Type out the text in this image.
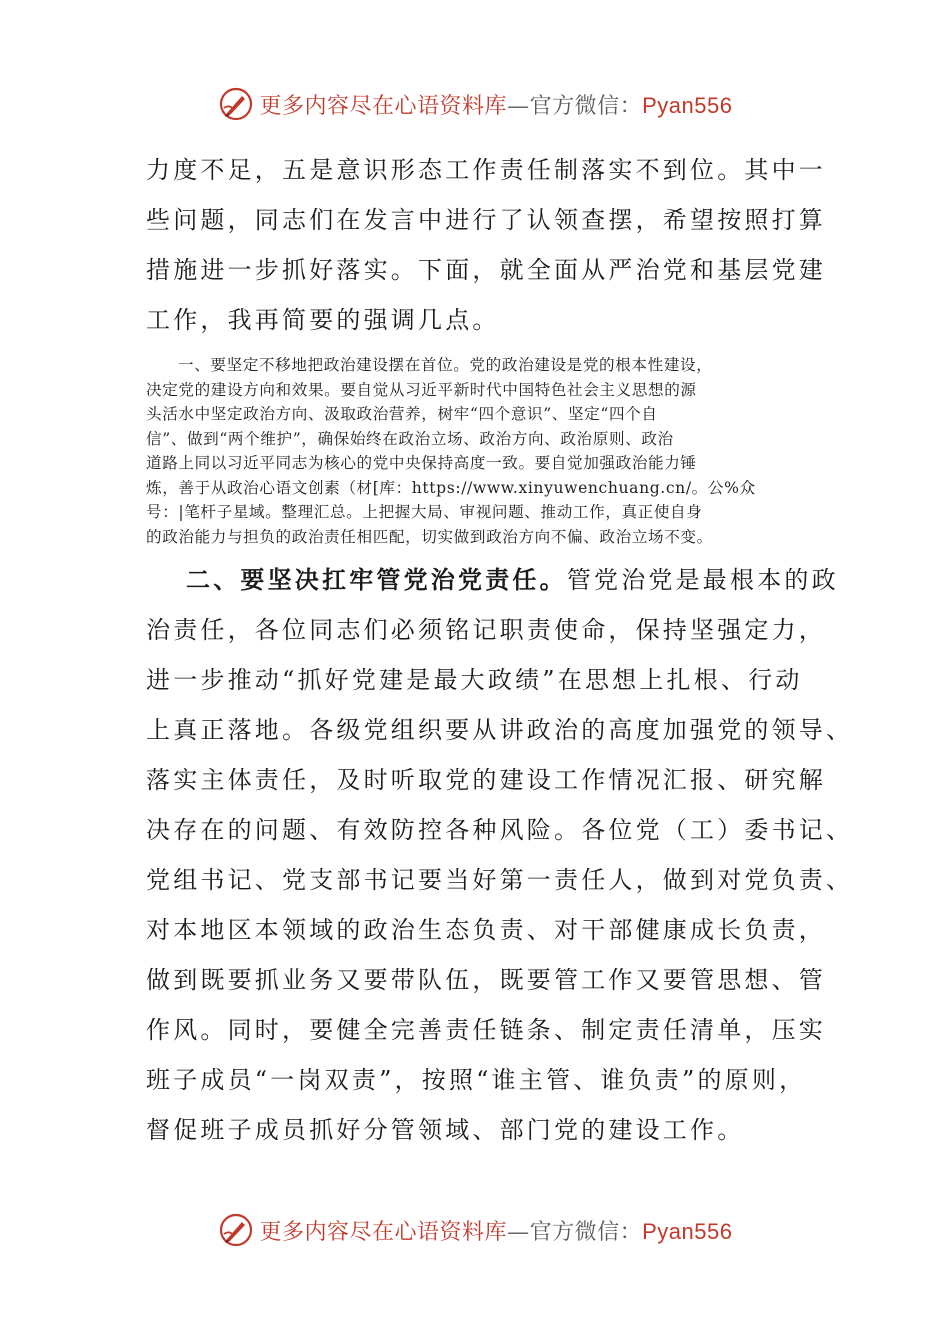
更多内容尽在心语资料库—官方微信：Pyan556

力度不足，五是意识形态工作责任制落实不到位。其中一

些问题，同志们在发言中进行了认领查摆，希望按照打算

措施进一步抓好落实。下面，就全面从严治党和基层党建

工作，我再简要的强调几点。

一、要坚定不移地把政治建设摆在首位。党的政治建设是党的根本性建设，

决定党的建设方向和效果。要自觉从习近平新时代中国特色社会主义思想的源

头活水中坚定政治方向、汲取政治营养，树牢“四个意识”、坚定“四个自

信”、做到“两个维护”，确保始终在政治立场、政治方向、政治原则、政治

道路上同以习近平同志为核心的党中央保持高度一致。要自觉加强政治能力锤

炼，善于从政治心语文创素（材[库：https://www.xinyuwenchuang.cn/。公%众

号：|笔杆子星域。整理汇总。上把握大局、审视问题、推动工作，真正使自身

的政治能力与担负的政治责任相匹配，切实做到政治方向不偏、政治立场不变。

二、要坚决扛牢管党治党责任。管党治党是最根本的政

治责任，各位同志们必须铭记职责使命，保持坚强定力，

进一步推动“抓好党建是最大政绩”在思想上扎根、行动

上真正落地。各级党组织要从讲政治的高度加强党的领导、

落实主体责任，及时听取党的建设工作情况汇报、研究解

决存在的问题、有效防控各种风险。各位党（工）委书记、

党组书记、党支部书记要当好第一责任人，做到对党负责、

对本地区本领域的政治生态负责、对干部健康成长负责，

做到既要抓业务又要带队伍，既要管工作又要管思想、管

作风。同时，要健全完善责任链条、制定责任清单，压实

班子成员“一岗双责”，按照“谁主管、谁负责”的原则，

督促班子成员抓好分管领域、部门党的建设工作。

更多内容尽在心语资料库—官方微信：Pyan556
